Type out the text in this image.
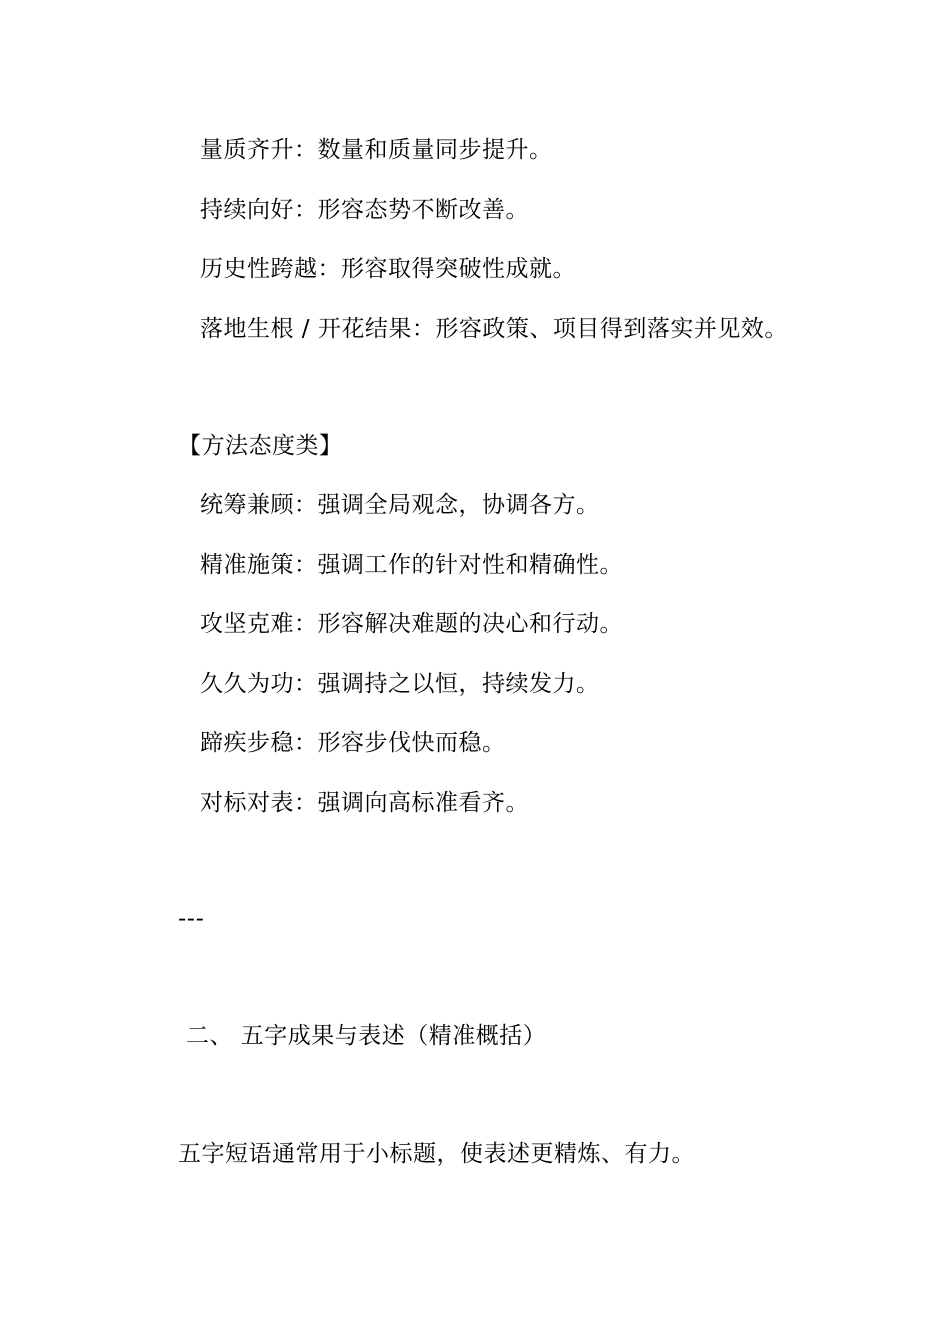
量质齐升：数量和质量同步提升。
持续向好：形容态势不断改善。
历史性跨越：形容取得突破性成就。
落地生根 / 开花结果：形容政策、项目得到落实并见效。
【方法态度类】
统筹兼顾：强调全局观念，协调各方。
精准施策：强调工作的针对性和精确性。
攻坚克难：形容解决难题的决心和行动。
久久为功：强调持之以恒，持续发力。
蹄疾步稳：形容步伐快而稳。
对标对表：强调向高标准看齐。
---
二、 五字成果与表述（精准概括）
五字短语通常用于小标题，使表述更精炼、有力。
